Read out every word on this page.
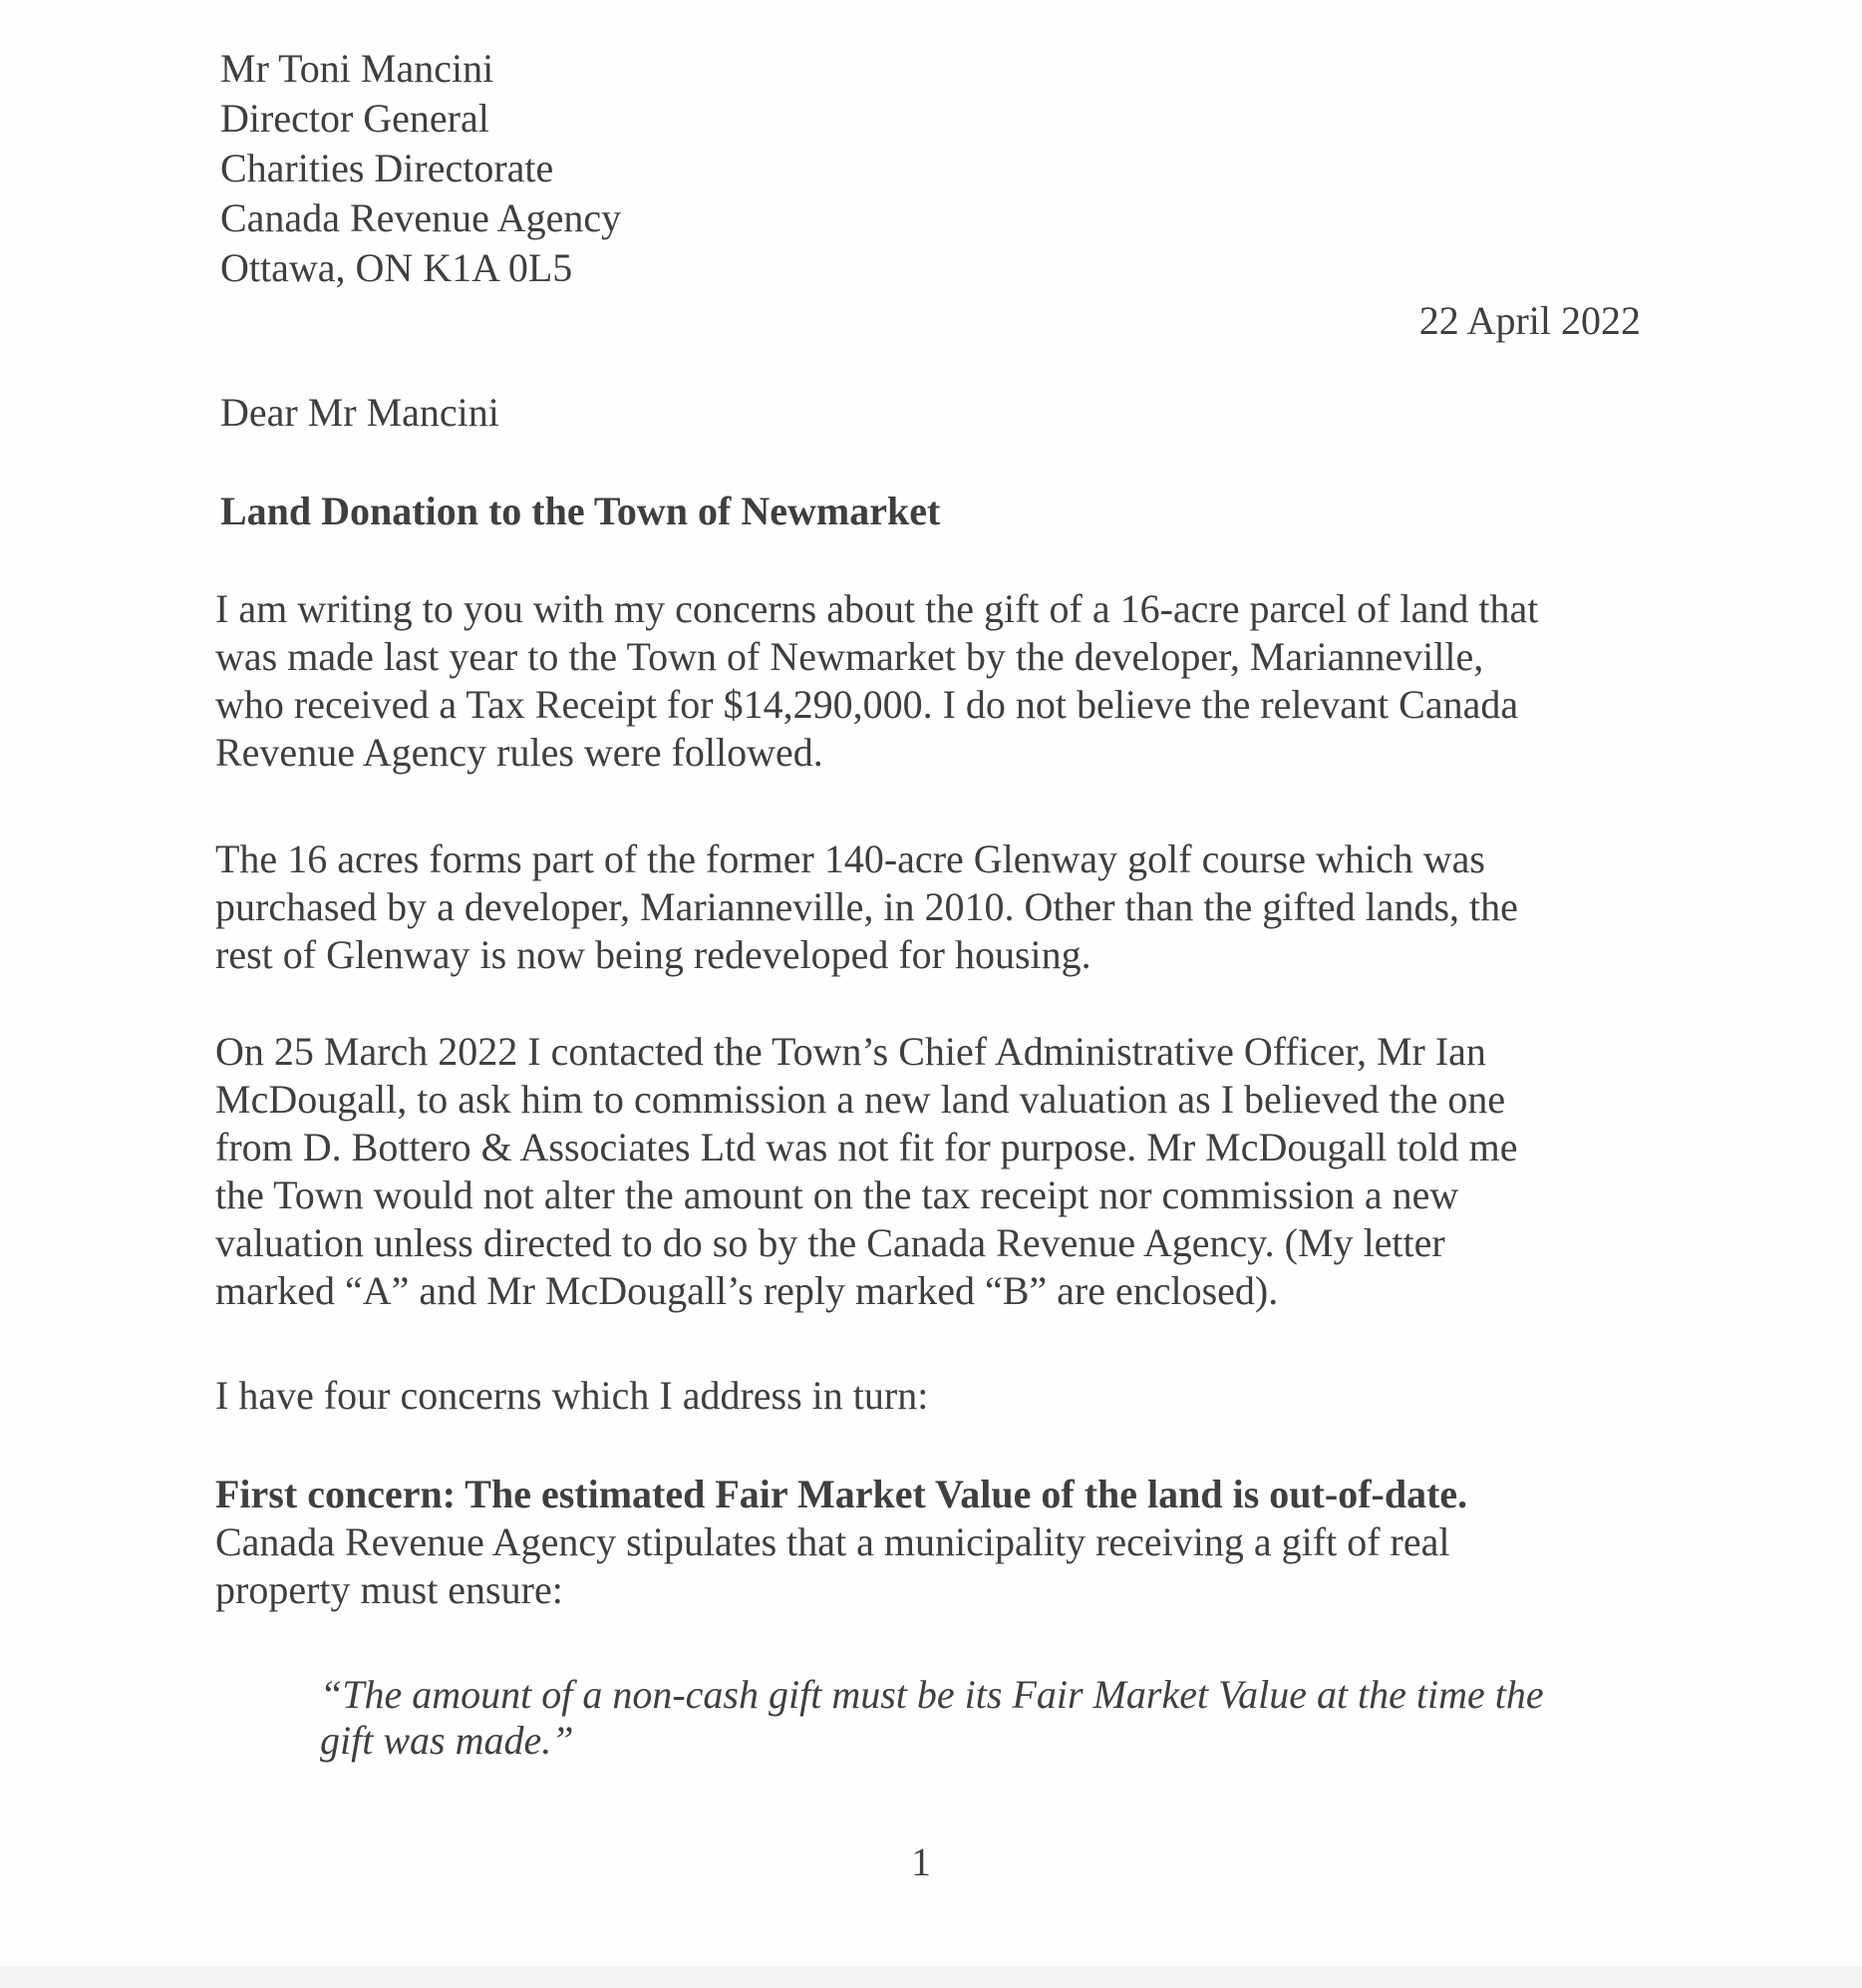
Mr Toni Mancini
Director General
Charities Directorate
Canada Revenue Agency
Ottawa, ON K1A 0L5
22 April 2022
Dear Mr Mancini
Land Donation to the Town of Newmarket
I am writing to you with my concerns about the gift of a 16-acre parcel of land that
was made last year to the Town of Newmarket by the developer, Marianneville,
who received a Tax Receipt for $14,290,000. I do not believe the relevant Canada
Revenue Agency rules were followed.
The 16 acres forms part of the former 140-acre Glenway golf course which was
purchased by a developer, Marianneville, in 2010. Other than the gifted lands, the
rest of Glenway is now being redeveloped for housing.
On 25 March 2022 I contacted the Town’s Chief Administrative Officer, Mr Ian
McDougall, to ask him to commission a new land valuation as I believed the one
from D. Bottero & Associates Ltd was not fit for purpose. Mr McDougall told me
the Town would not alter the amount on the tax receipt nor commission a new
valuation unless directed to do so by the Canada Revenue Agency. (My letter
marked “A” and Mr McDougall’s reply marked “B” are enclosed).
I have four concerns which I address in turn:
First concern: The estimated Fair Market Value of the land is out-of-date.
Canada Revenue Agency stipulates that a municipality receiving a gift of real
property must ensure:
“The amount of a non-cash gift must be its Fair Market Value at the time the
gift was made.”
1
